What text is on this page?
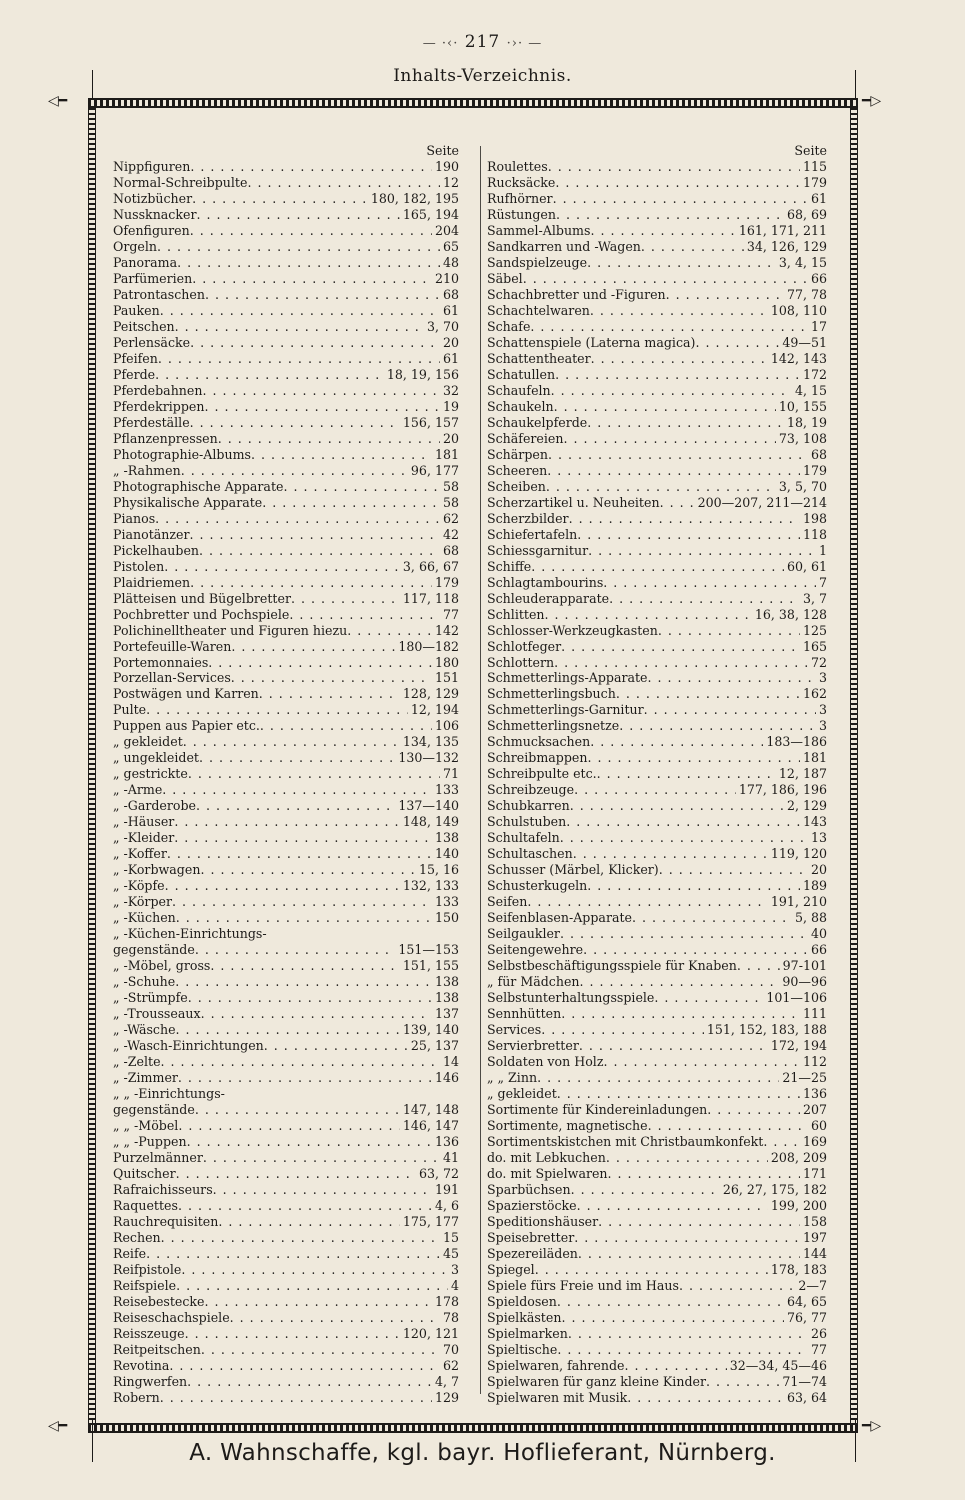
— ·‹· 217 ·›· —
Inhalts-Verzeichnis.
◁━	━▷
◁━	━▷
Seite
Nippfiguren . . .	190
Normal-Schreibpulte . . .	12
Notizbücher . . .	180, 182, 195
Nussknacker . . .	165, 194
Ofenfiguren . . .	204
Orgeln . . .	65
Panorama . . .	48
Parfümerien . . .	210
Patrontaschen . . .	68
Pauken . . .	61
Peitschen . . .	3, 70
Perlensäcke . . .	20
Pfeifen . . .	61
Pferde . . .	18, 19, 156
Pferdebahnen . . .	32
Pferdekrippen . . .	19
Pferdeställe . . .	156, 157
Pflanzenpressen . . .	20
Photographie-Albums . . .	181
„ -Rahmen . . .	96, 177
Photographische Apparate . . .	58
Physikalische Apparate . . .	58
Pianos . . .	62
Pianotänzer . . .	42
Pickelhauben . . .	68
Pistolen . . .	3, 66, 67
Plaidriemen . . .	179
Plätteisen und Bügelbretter . . .	117, 118
Pochbretter und Pochspiele . . .	77
Polichinelltheater und Figuren hiezu . . .	142
Portefeuille-Waren . . .	180—182
Portemonnaies . . .	180
Porzellan-Services . . .	151
Postwägen und Karren . . .	128, 129
Pulte . . .	12, 194
Puppen aus Papier etc. . . .	106
„ gekleidet . . .	134, 135
„ ungekleidet . . .	130—132
„ gestrickte . . .	71
„ -Arme . . .	133
„ -Garderobe . . .	137—140
„ -Häuser . . .	148, 149
„ -Kleider . . .	138
„ -Koffer . . .	140
„ -Korbwagen . . .	15, 16
„ -Köpfe . . .	132, 133
„ -Körper . . .	133
„ -Küchen . . .	150
„ -Küchen-Einrichtungs-
gegenstände . . .	151—153
„ -Möbel, gross . . .	151, 155
„ -Schuhe . . .	138
„ -Strümpfe . . .	138
„ -Trousseaux . . .	137
„ -Wäsche . . .	139, 140
„ -Wasch-Einrichtungen . . .	25, 137
„ -Zelte . . .	14
„ -Zimmer . . .	146
„ „ -Einrichtungs-
gegenstände . . .	147, 148
„ „ -Möbel . . .	146, 147
„ „ -Puppen . . .	136
Purzelmänner . . .	41
Quitscher . . .	63, 72
Rafraichisseurs . . .	191
Raquettes . . .	4, 6
Rauchrequisiten . . .	175, 177
Rechen . . .	15
Reife . . .	45
Reifpistole . . .	3
Reifspiele . . .	4
Reisebestecke . . .	178
Reiseschachspiele . . .	78
Reisszeuge . . .	120, 121
Reitpeitschen . . .	70
Revotina . . .	62
Ringwerfen . . .	4, 7
Robern . . .	129
Seite
Roulettes . . .	115
Rucksäcke . . .	179
Rufhörner . . .	61
Rüstungen . . .	68, 69
Sammel-Albums . . .	161, 171, 211
Sandkarren und -Wagen . . .	34, 126, 129
Sandspielzeuge . . .	3, 4, 15
Säbel . . .	66
Schachbretter und -Figuren . . .	77, 78
Schachtelwaren . . .	108, 110
Schafe . . .	17
Schattenspiele (Laterna magica) . . .	49—51
Schattentheater . . .	142, 143
Schatullen . . .	172
Schaufeln . . .	4, 15
Schaukeln . . .	10, 155
Schaukelpferde . . .	18, 19
Schäfereien . . .	73, 108
Schärpen . . .	68
Scheeren . . .	179
Scheiben . . .	3, 5, 70
Scherzartikel u. Neuheiten . . .	200—207, 211—214
Scherzbilder . . .	198
Schiefertafeln . . .	118
Schiessgarnitur . . .	1
Schiffe . . .	60, 61
Schlagtambourins . . .	7
Schleuderapparate . . .	3, 7
Schlitten . . .	16, 38, 128
Schlosser-Werkzeugkasten . . .	125
Schlotfeger . . .	165
Schlottern . . .	72
Schmetterlings-Apparate . . .	3
Schmetterlingsbuch . . .	162
Schmetterlings-Garnitur . . .	3
Schmetterlingsnetze . . .	3
Schmucksachen . . .	183—186
Schreibmappen . . .	181
Schreibpulte etc. . . .	12, 187
Schreibzeuge . . .	177, 186, 196
Schubkarren . . .	2, 129
Schulstuben . . .	143
Schultafeln . . .	13
Schultaschen . . .	119, 120
Schusser (Märbel, Klicker) . . .	20
Schusterkugeln . . .	189
Seifen . . .	191, 210
Seifenblasen-Apparate . . .	5, 88
Seilgaukler . . .	40
Seitengewehre . . .	66
Selbstbeschäftigungsspiele für Knaben . . .	97-101
„ für Mädchen . . .	90—96
Selbstunterhaltungsspiele . . .	101—106
Sennhütten . . .	111
Services . . .	151, 152, 183, 188
Servierbretter . . .	172, 194
Soldaten von Holz . . .	112
„ „ Zinn . . .	21—25
„ gekleidet . . .	136
Sortimente für Kindereinladungen . . .	207
Sortimente, magnetische . . .	60
Sortimentskistchen mit Christbaumkonfekt . . .	169
do. mit Lebkuchen . . .	208, 209
do. mit Spielwaren . . .	171
Sparbüchsen . . .	26, 27, 175, 182
Spazierstöcke . . .	199, 200
Speditionshäuser . . .	158
Speisebretter . . .	197
Spezereiläden . . .	144
Spiegel . . .	178, 183
Spiele fürs Freie und im Haus . . .	2—7
Spieldosen . . .	64, 65
Spielkästen . . .	76, 77
Spielmarken . . .	26
Spieltische . . .	77
Spielwaren, fahrende . . .	32—34, 45—46
Spielwaren für ganz kleine Kinder . . .	71—74
Spielwaren mit Musik . . .	63, 64
A. Wahnschaffe, kgl. bayr. Hoflieferant, Nürnberg.
